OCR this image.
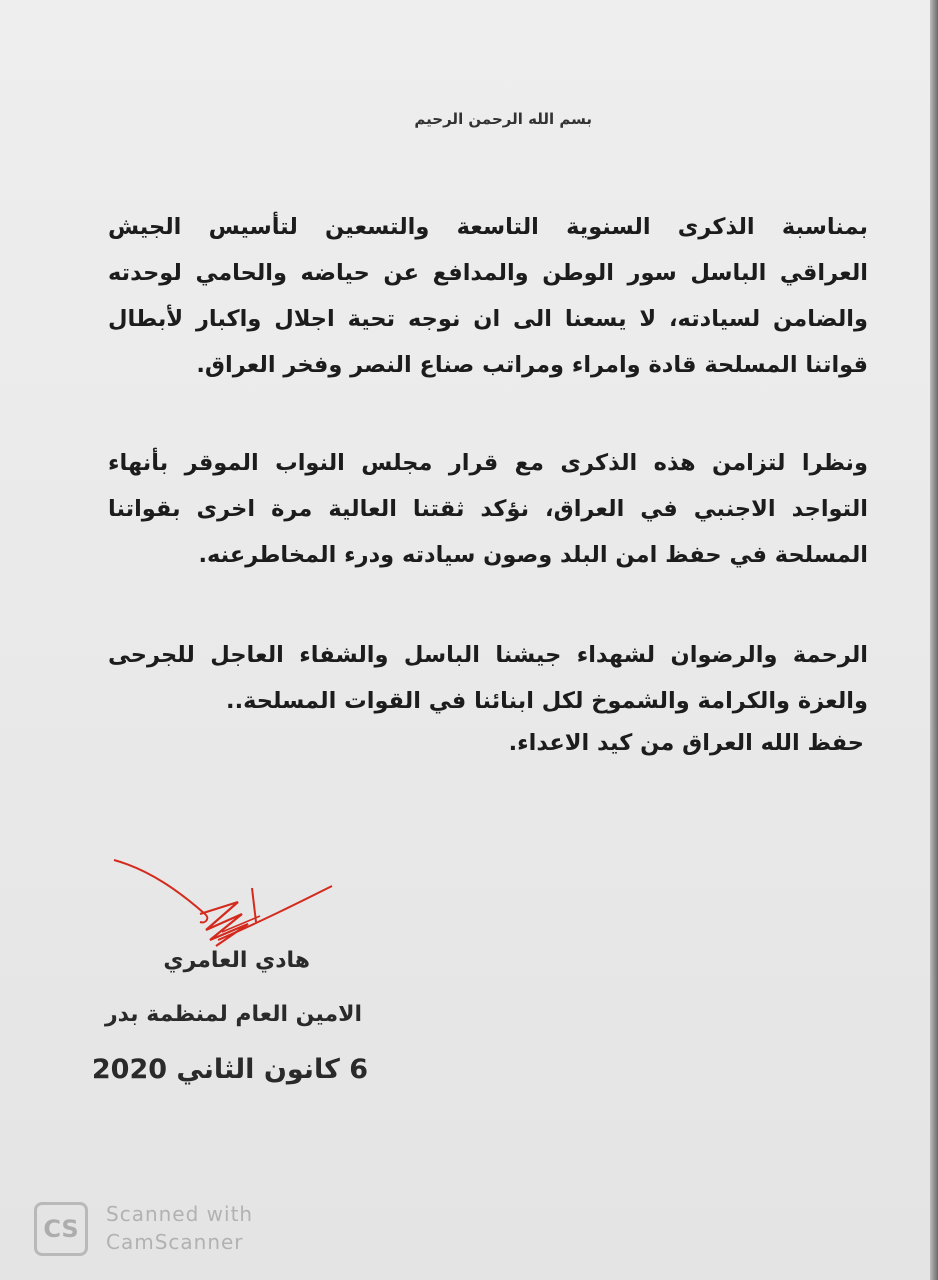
بسم الله الرحمن الرحيم
بمناسبة الذكرى السنوية التاسعة والتسعين لتأسيس الجيش
العراقي الباسل سور الوطن والمدافع عن حياضه والحامي لوحدته
والضامن لسيادته، لا يسعنا الى ان نوجه تحية اجلال واكبار لأبطال
قواتنا المسلحة قادة وامراء ومراتب صناع النصر وفخر العراق.
ونظرا لتزامن هذه الذكرى مع قرار مجلس النواب الموقر بأنهاء
التواجد الاجنبي في العراق، نؤكد ثقتنا العالية مرة اخرى بقواتنا
المسلحة في حفظ امن البلد وصون سيادته ودرء المخاطرعنه.
الرحمة والرضوان لشهداء جيشنا الباسل والشفاء العاجل للجرحى
والعزة والكرامة والشموخ لكل ابنائنا في القوات المسلحة..
حفظ الله العراق من كيد الاعداء.
هادي العامري
الامين العام لمنظمة بدر
6 كانون الثاني 2020
CS
Scanned with
CamScanner
